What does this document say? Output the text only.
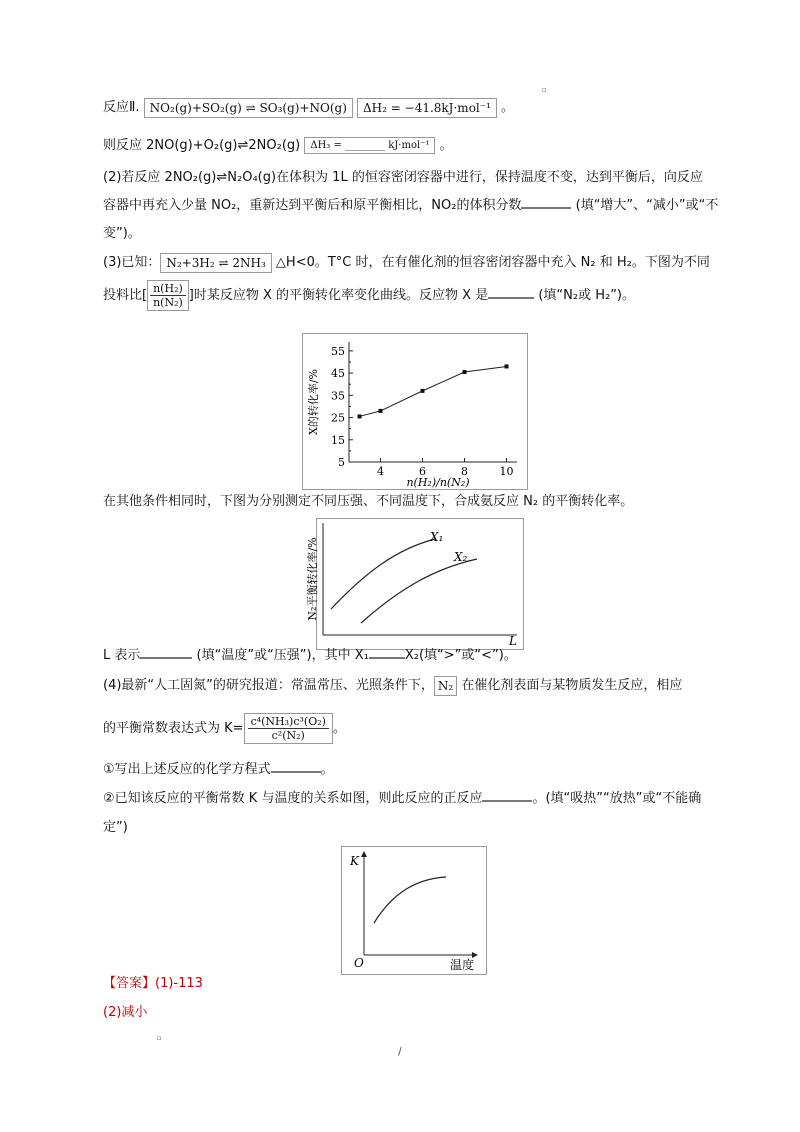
▫
▫
/
反应Ⅱ. NO₂(g)+SO₂(g) ⇌ SO₃(g)+NO(g) ΔH₂ = −41.8kJ·mol⁻¹ 。
则反应 2NO(g)+O₂(g)⇌2NO₂(g) ΔH₃ = ________ kJ·mol⁻¹ 。
(2)若反应 2NO₂(g)⇌N₂O₄(g)在体积为 1L 的恒容密闭容器中进行，保持温度不变，达到平衡后，向反应
容器中再充入少量 NO₂，重新达到平衡后和原平衡相比，NO₂的体积分数	(填“增大”、“减小”或“不
变”)。
(3)已知： N₂+3H₂ ⇌ 2NH₃ △H<0。T°C 时，在有催化剂的恒容密闭容器中充入 N₂ 和 H₂。下图为不同
投料比[ $\frac{\text{n(H₂)}}{\text{n(N₂)}}$ ]时某反应物 X 的平衡转化率变化曲线。反应物 X 是	(填“N₂或 H₂”)。
5
15
25
35
45
55
4	6	8	10
n(H₂)/n(N₂)
X的转化率/%
在其他条件相同时，下图为分别测定不同压强、不同温度下，合成氨反应 N₂ 的平衡转化率。
X₁
X₂
L
N₂平衡转化率/%
L 表示	(填“温度”或“压强”)，其中 X₁	X₂(填“>”或“<”)。
(4)最新“人工固氮”的研究报道：常温常压、光照条件下， N₂ 在催化剂表面与某物质发生反应，相应
的平衡常数表达式为 $K= \frac{\text{c⁴(NH₃)c³(O₂)}}{\text{c²(N₂)}}$ 。
①写出上述反应的化学方程式	。
②已知该反应的平衡常数 K 与温度的关系如图，则此反应的正反应	。(填“吸热”“放热”或“不能确
定”)
K
O	温度
【答案】(1)-113
(2)减小
